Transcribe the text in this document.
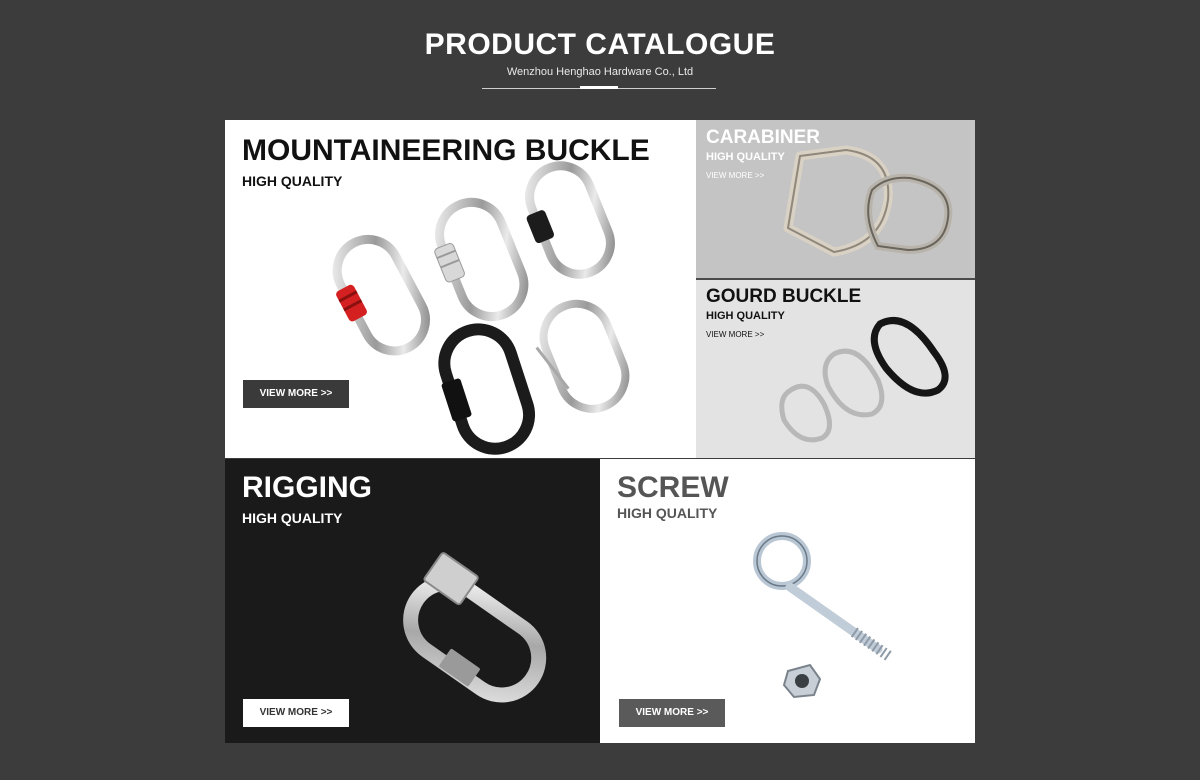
PRODUCT CATALOGUE
Wenzhou Henghao Hardware Co., Ltd
MOUNTAINEERING BUCKLE
HIGH QUALITY
VIEW MORE >>
CARABINER
HIGH QUALITY
VIEW MORE >>
GOURD BUCKLE
HIGH QUALITY
VIEW MORE >>
RIGGING
HIGH QUALITY
VIEW MORE >>
SCREW
HIGH QUALITY
VIEW MORE >>
